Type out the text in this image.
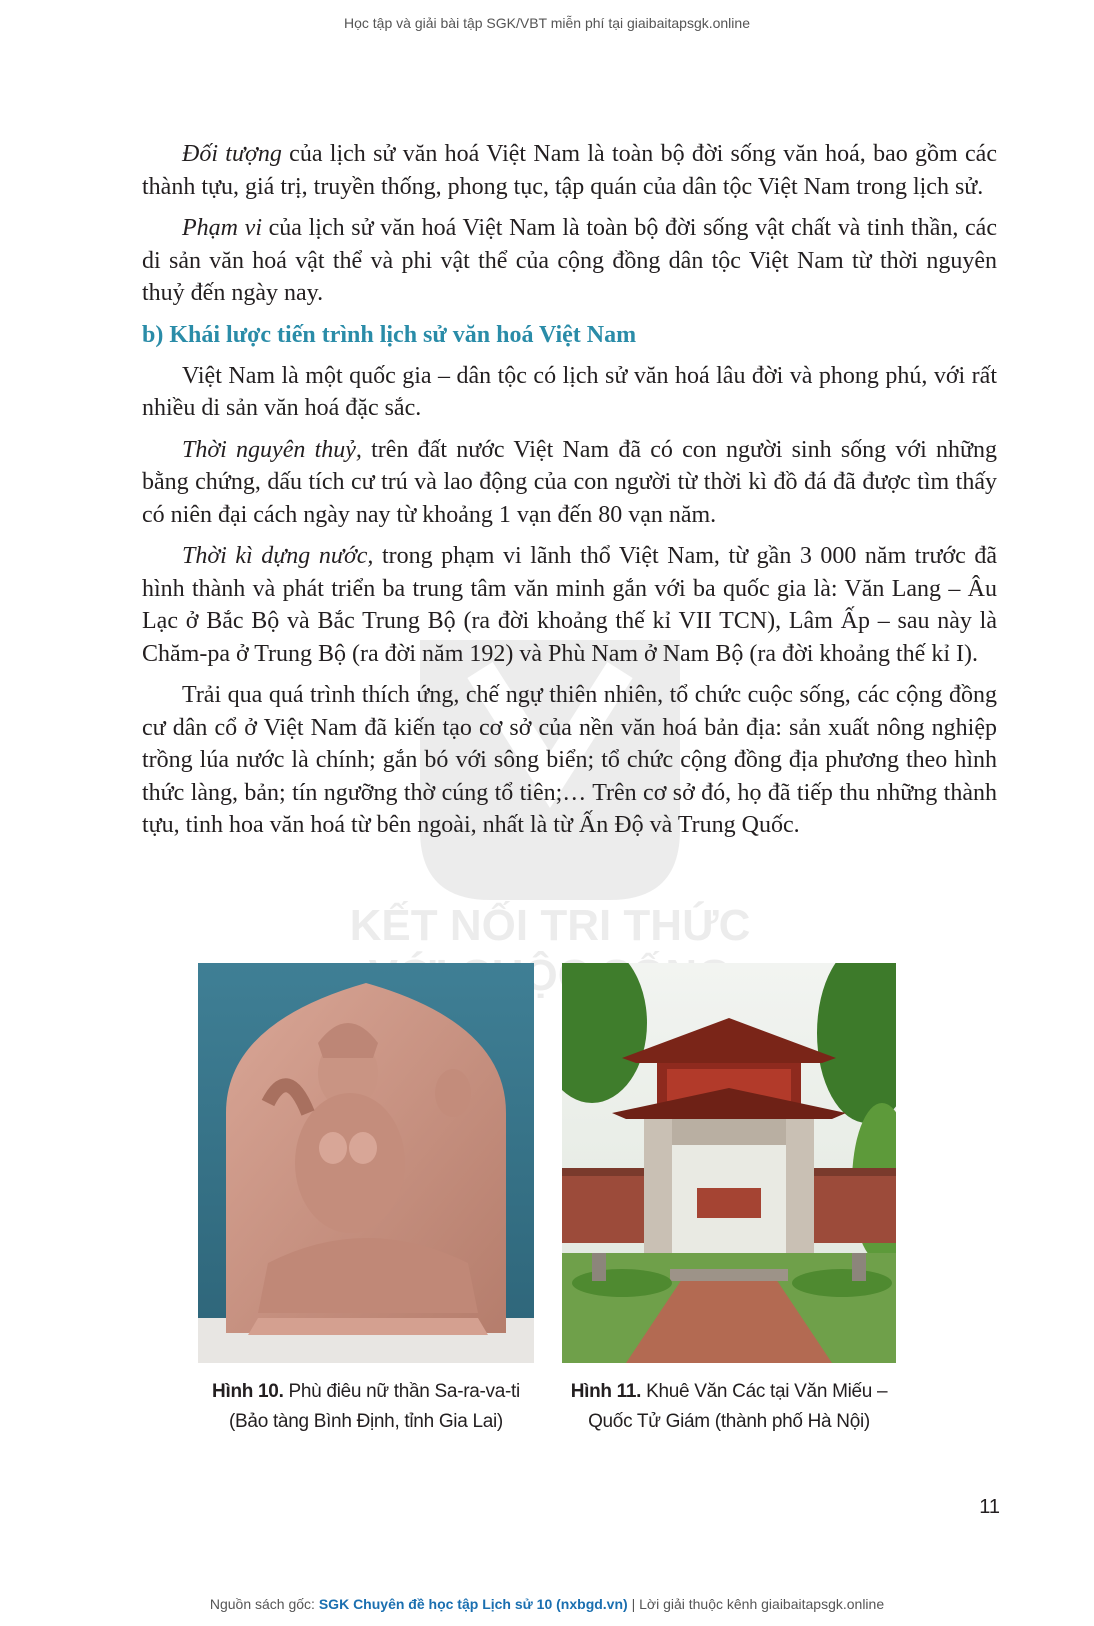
Học tập và giải bài tập SGK/VBT miễn phí tại giaibaitapsgk.online
KẾT NỐI TRI THỨC
VỚI CUỘC SỐNG

Đối tượng của lịch sử văn hoá Việt Nam là toàn bộ đời sống văn hoá, bao gồm các thành tựu, giá trị, truyền thống, phong tục, tập quán của dân tộc Việt Nam trong lịch sử.

Phạm vi của lịch sử văn hoá Việt Nam là toàn bộ đời sống vật chất và tinh thần, các di sản văn hoá vật thể và phi vật thể của cộng đồng dân tộc Việt Nam từ thời nguyên thuỷ đến ngày nay.

b) Khái lược tiến trình lịch sử văn hoá Việt Nam

Việt Nam là một quốc gia – dân tộc có lịch sử văn hoá lâu đời và phong phú, với rất nhiều di sản văn hoá đặc sắc.

Thời nguyên thuỷ, trên đất nước Việt Nam đã có con người sinh sống với những bằng chứng, dấu tích cư trú và lao động của con người từ thời kì đồ đá đã được tìm thấy có niên đại cách ngày nay từ khoảng 1 vạn đến 80 vạn năm.

Thời kì dựng nước, trong phạm vi lãnh thổ Việt Nam, từ gần 3 000 năm trước đã hình thành và phát triển ba trung tâm văn minh gắn với ba quốc gia là: Văn Lang – Âu Lạc ở Bắc Bộ và Bắc Trung Bộ (ra đời khoảng thế kỉ VII TCN), Lâm Ấp – sau này là Chăm-pa ở Trung Bộ (ra đời năm 192) và Phù Nam ở Nam Bộ (ra đời khoảng thế kỉ I).

Trải qua quá trình thích ứng, chế ngự thiên nhiên, tổ chức cuộc sống, các cộng đồng cư dân cổ ở Việt Nam đã kiến tạo cơ sở của nền văn hoá bản địa: sản xuất nông nghiệp trồng lúa nước là chính; gắn bó với sông biển; tổ chức cộng đồng địa phương theo hình thức làng, bản; tín ngưỡng thờ cúng tổ tiên;… Trên cơ sở đó, họ đã tiếp thu những thành tựu, tinh hoa văn hoá từ bên ngoài, nhất là từ Ấn Độ và Trung Quốc.

Hình 10. Phù điêu nữ thần Sa-ra-va-ti
(Bảo tàng Bình Định, tỉnh Gia Lai)
Hình 11. Khuê Văn Các tại Văn Miếu –
Quốc Tử Giám (thành phố Hà Nội)
11
Nguồn sách gốc: SGK Chuyên đề học tập Lịch sử 10 (nxbgd.vn) | Lời giải thuộc kênh giaibaitapsgk.online
